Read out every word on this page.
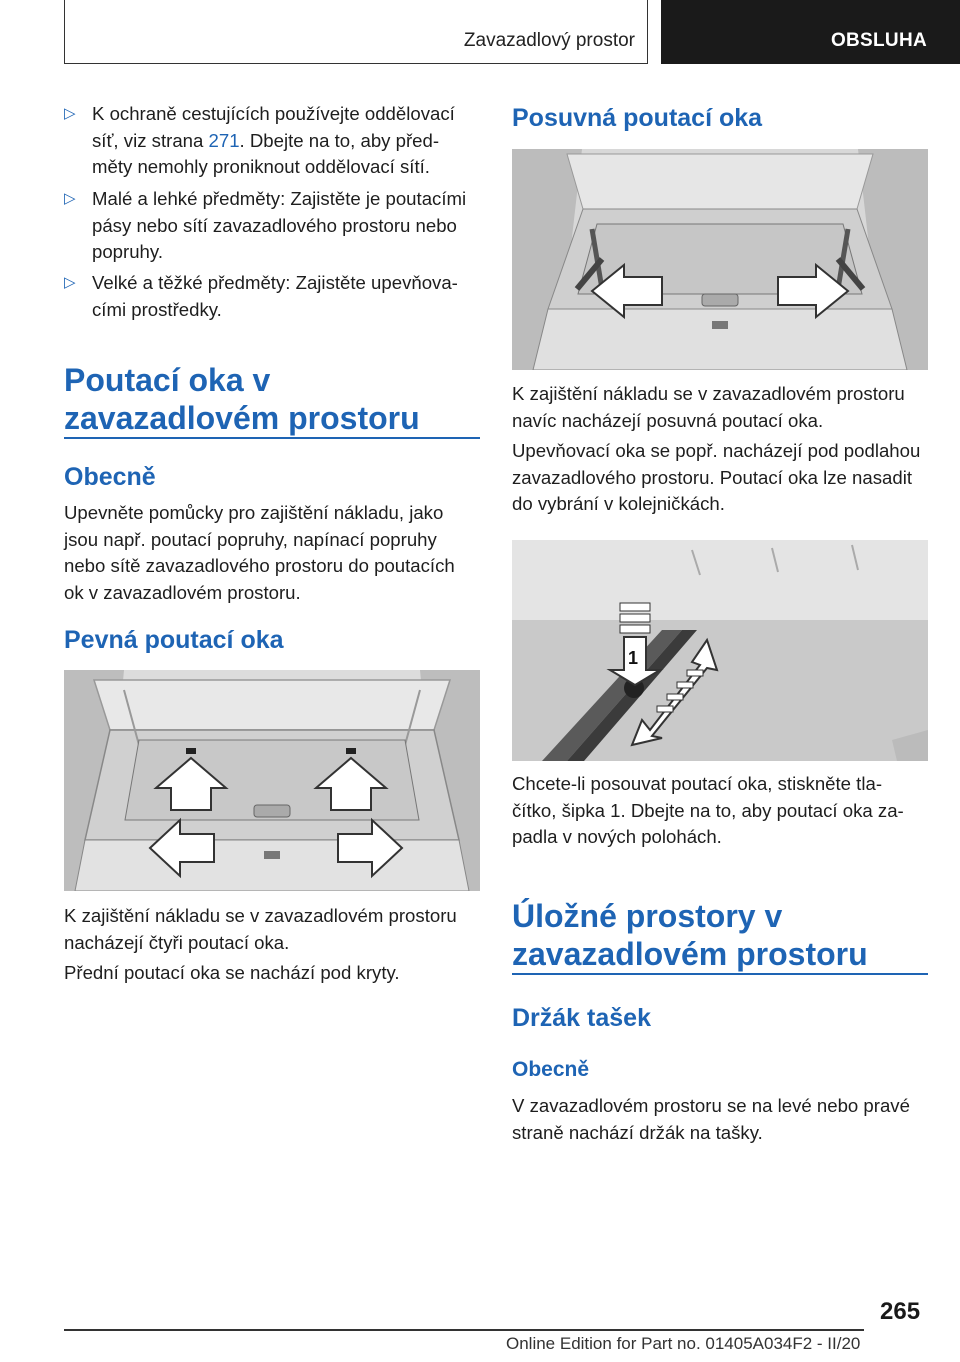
Zavazadlový prostor	OBSLUHA
▷ K ochraně cestujících používejte oddělovací
síť, viz strana 271. Dbejte na to, aby před‐
měty nemohly proniknout oddělovací sítí.
▷ Malé a lehké předměty: Zajistěte je poutacími
pásy nebo sítí zavazadlového prostoru nebo
popruhy.
▷ Velké a těžké předměty: Zajistěte upevňova‐
cími prostředky.
Poutací oka v
zavazadlovém prostoru
Obecně
Upevněte pomůcky pro zajištění nákladu, jako
jsou např. poutací popruhy, napínací popruhy
nebo sítě zavazadlového prostoru do poutacích
ok v zavazadlovém prostoru.
Pevná poutací oka
K zajištění nákladu se v zavazadlovém prostoru
nacházejí čtyři poutací oka.
Přední poutací oka se nachází pod kryty.
Posuvná poutací oka
K zajištění nákladu se v zavazadlovém prostoru
navíc nacházejí posuvná poutací oka.
Upevňovací oka se popř. nacházejí pod podlahou
zavazadlového prostoru. Poutací oka lze nasadit
do vybrání v kolejničkách.
1
Chcete-li posouvat poutací oka, stiskněte tla‐
čítko, šipka 1. Dbejte na to, aby poutací oka za‐
padla v nových polohách.
Úložné prostory v
zavazadlovém prostoru
Držák tašek
Obecně
V zavazadlovém prostoru se na levé nebo pravé
straně nachází držák na tašky.
265
Online Edition for Part no. 01405A034F2 - II/20
